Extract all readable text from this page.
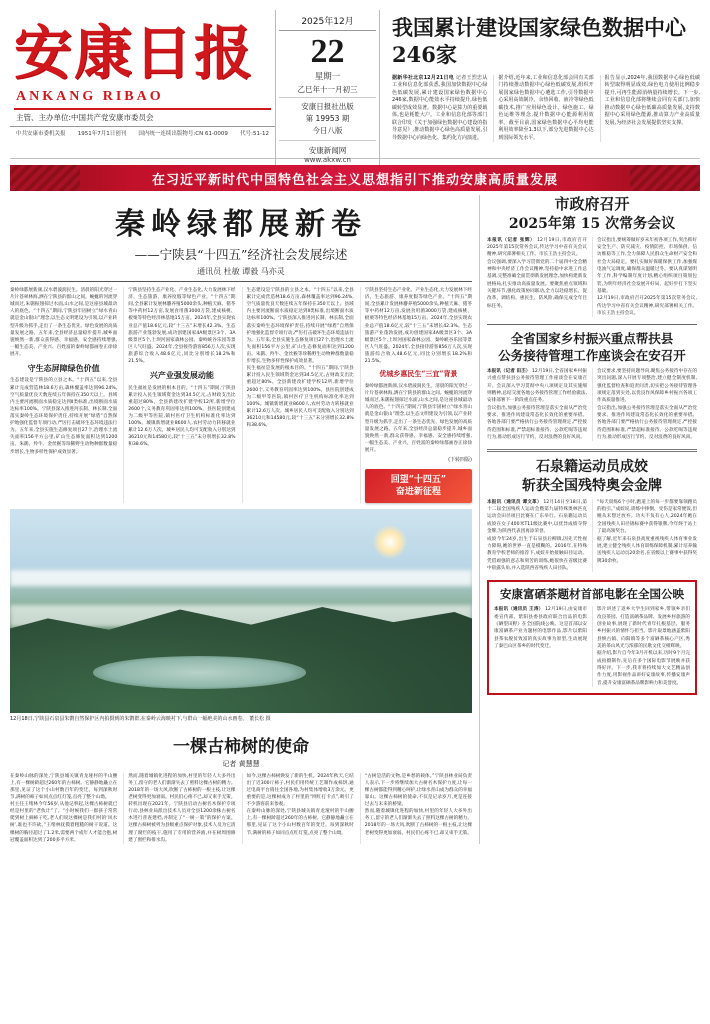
安康日报
ANKANG RIBAO
主管、主办单位:中国共产党安康市委员会
中共安康市委机关报 1951年7月1日创刊 国内统一连续出版物号:CN 61-0009 代号:51-12
2025年12月
22
星期一
乙巳年十一月初三
安康日报社出版
第 19953 期
今日八版
安康新闻网
www.akxw.cn
我国累计建设国家绿色数据中心246家
据新华社北京12月21日电 记者王烈忠从工业和信息化部获悉,我国加快数据中心绿色低碳发展,累计建设国家绿色数据中心246家,数据中心能效水平持续提升,绿色低碳转型成效显著。数据中心是算力的重要载体,也是耗能大户。工业和信息化部等部门联合印发《关于加强绿色数据中心建设的指导意见》,推动数据中心绿色高质量发展,引导数据中心向绿色化、集约化方向演进。
据介绍,近年来,工业和信息化部会同有关部门持续推动数据中心绿色低碳发展,组织开展国家绿色数据中心遴选工作,引导数据中心采用高效制冷、余热回收、液冷等绿色低碳技术,推广应用绿色设计、绿色施工、绿色运维等理念,提升数据中心能源利用效率。截至目前,国家绿色数据中心平均电能利用效率降至1.3以下,部分先进数据中心达到国际领先水平。
报告显示,2024年,我国数据中心绿色低碳转型取得明显成效,绿色电力使用比例稳步提升,可再生能源消纳量持续增长。下一步,工业和信息化部将继续会同有关部门,加快推动数据中心绿色低碳高质量发展,支持数据中心采用绿色能源,推动算力产业高质量发展,为经济社会发展提供坚实支撑。
在习近平新时代中国特色社会主义思想指引下推动安康高质量发展
秦岭绿都展新卷
——宁陕县“十四五”经济社会发展综述
通讯员 杜敏 谭毅 马亦灵
秦岭绿都展新颜,汉水碧波润民生。清晨的阳光穿过一片片苍翠林海,洒在宁陕县的群山之间。蜿蜒的河流穿城而过,朱鹮振翅掠过水面,山水之间,是这座县城最动人的底色。“十四五”期间,宁陕县牢固树立“绿水青山就是金山银山”理念,以生态文明建设为引领,以产业转型升级为抓手,走出了一条生态优先、绿色发展的高质量发展之路。五年来,全县经济总量稳步提升,城乡面貌焕然一新,群众获得感、幸福感、安全感持续增强,一幅生态美、产业兴、百姓富的秦岭绿都画卷正徐徐展开。
守生态屏障绿色价值
生态建设是宁陕县的立县之本。“十四五”以来,全县累计完成营造林18.6万亩,森林覆盖率达到96.24%,空气质量优良天数连续五年保持在350天以上。县域内主要河流断面水质稳定达到Ⅱ类标准,出境断面水质达标率100%。宁陕县深入推进河长制、林长制,全面落实秦岭生态环境保护责任,持续开展“绿盾”自然保护地强化监督专项行动,严厉打击破坏生态环境违法行为。五年来,全县实施生态修复项目27个,治理水土流失面积156平方公里,矿山生态修复面积达到1200亩。朱鹮、羚牛、金丝猴等珍稀野生动物种群数量稳步增长,生物多样性保护成效显著。
宁陕县坚持生态产业化、产业生态化,大力发展林下经济、生态旅游、康养度假等绿色产业。“十四五”期间,全县累计发展林麝养殖5000余头,种植天麻、猪苓等中药材12万亩,发展食用菌3000万袋,建成核桃、板栗等特色经济林基地15万亩。2024年,全县实现农业总产值18.6亿元,较“十三五”末增长42.3%。生态旅游产业蓬勃发展,成功创建国家4A级景区3个、3A级景区5个,上坝河国家森林公园、秦岭峡谷乐园等景区人气旺盛。2024年,全县接待游客856万人次,实现旅游综合收入48.6亿元,同比分别增长18.2%和21.5%。
兴产业强发展动能
民生福祉是发展的根本目的。“十四五”期间,宁陕县累计投入民生领域资金达到34.5亿元,占财政支出比重超过80%。全县新建改扩建学校12所,新增学位2600个,义务教育巩固率达到100%。县医院创建成为二级甲等医院,镇村医疗卫生机构标准化率达到100%。城镇新增就业8600人,农村劳动力转移就业累计12.6万人次。城乡居民人均可支配收入分别达到36210元和14580元,较“十三五”末分别增长32.8%和38.6%。
生态建设是宁陕县的立县之本。“十四五”以来,全县累计完成营造林18.6万亩,森林覆盖率达到96.24%,空气质量优良天数连续五年保持在350天以上。县域内主要河流断面水质稳定达到Ⅱ类标准,出境断面水质达标率100%。宁陕县深入推进河长制、林长制,全面落实秦岭生态环境保护责任,持续开展“绿盾”自然保护地强化监督专项行动,严厉打击破坏生态环境违法行为。五年来,全县实施生态修复项目27个,治理水土流失面积156平方公里,矿山生态修复面积达到1200亩。朱鹮、羚牛、金丝猴等珍稀野生动物种群数量稳步增长,生物多样性保护成效显著。
民生福祉是发展的根本目的。“十四五”期间,宁陕县累计投入民生领域资金达到34.5亿元,占财政支出比重超过80%。全县新建改扩建学校12所,新增学位2600个,义务教育巩固率达到100%。县医院创建成为二级甲等医院,镇村医疗卫生机构标准化率达到100%。城镇新增就业8600人,农村劳动力转移就业累计12.6万人次。城乡居民人均可支配收入分别达到36210元和14580元,较“十三五”末分别增长32.8%和38.6%。
宁陕县坚持生态产业化、产业生态化,大力发展林下经济、生态旅游、康养度假等绿色产业。“十四五”期间,全县累计发展林麝养殖5000余头,种植天麻、猪苓等中药材12万亩,发展食用菌3000万袋,建成核桃、板栗等特色经济林基地15万亩。2024年,全县实现农业总产值18.6亿元,较“十三五”末增长42.3%。生态旅游产业蓬勃发展,成功创建国家4A级景区3个、3A级景区5个,上坝河国家森林公园、秦岭峡谷乐园等景区人气旺盛。2024年,全县接待游客856万人次,实现旅游综合收入48.6亿元,同比分别增长18.2%和21.5%。
优城乡惠民生“三宜”背景
秦岭绿都展新颜,汉水碧波润民生。清晨的阳光穿过一片片苍翠林海,洒在宁陕县的群山之间。蜿蜒的河流穿城而过,朱鹮振翅掠过水面,山水之间,是这座县城最动人的底色。“十四五”期间,宁陕县牢固树立“绿水青山就是金山银山”理念,以生态文明建设为引领,以产业转型升级为抓手,走出了一条生态优先、绿色发展的高质量发展之路。五年来,全县经济总量稳步提升,城乡面貌焕然一新,群众获得感、幸福感、安全感持续增强,一幅生态美、产业兴、百姓富的秦岭绿都画卷正徐徐展开。
(下转四版)
回望“十四五”
奋进新征程
12月18日,宁陕县石泉县朱鹮自然保护区内拍摄到的朱鹮群,在秦岭云海映衬下,与群山一幅绝美的山水画卷。 董长松 摄
一棵古柿树的使命
记者 黄慧慧
在秦岭山脉的深处,宁陕县城关镇青龙垭村的半山腰上,有一棵树龄超过260年的古柿树。它静静地矗立在那里,见证了这个小山村数百年的变迁。每到深秋时节,满树的柿子如同点点红灯笼,点亮了整个山坳。
村主任王绪林今年56岁,从他记事起,这棵古柿树就已经是村里的“老伙计”了。“小时候我们一群孩子常常爬到树上摘柿子吃,老人们说这棵树是我们村的‘风水树’,谁也不许砍。”王绪林抚摸着粗糙的树干说道。这棵树的胸径超过了1.2米,需要两个成年人才能合抱,树冠覆盖面积达到了200多平方米。
然而,随着城镇化进程的加快,村里的年轻人大多外出务工,留守的老人们渐渐失去了照料这棵古树的精力。2018年的一场大风,吹断了古柿树的一根主枝,让这棵老树变得更加衰弱。村民们心疼不已,却又束手无策。
转机出现在2021年。宁陕县启动古树名木保护专项行动,县林业局派出技术人员对全县1200余株古树名木进行普查建档,并制定了“一树一策”的保护方案。这棵古柿树被列为县级重点保护对象,技术人员为它清理了腐烂的枝干,施用了专用的营养液,并在树周围修建了围栏和排水沟。
如今,这棵古柿树焕发了新的生机。2024年秋天,它结出了近300斤柿子,村民们用传统工艺制作成柿饼,通过电商平台销往全国各地,为村集体增收3万余元。更重要的是,这棵树成为了村里的“网红打卡点”,吸引了不少游客前来参观。
在秦岭山脉的深处,宁陕县城关镇青龙垭村的半山腰上,有一棵树龄超过260年的古柿树。它静静地矗立在那里,见证了这个小山村数百年的变迁。每到深秋时节,满树的柿子如同点点红灯笼,点亮了整个山坳。
“古树是活的文物,是乡愁的载体。”宁陕县林业局负责人表示,下一步将继续加大古树名木保护力度,让每一棵古树都能得到精心呵护,让绿水青山成为群众的幸福靠山。这棵古柿树的使命,不仅是记录岁月,更是连接过去与未来的桥梁。
然而,随着城镇化进程的加快,村里的年轻人大多外出务工,留守的老人们渐渐失去了照料这棵古树的精力。2018年的一场大风,吹断了古柿树的一根主枝,让这棵老树变得更加衰弱。村民们心疼不已,却又束手无策。
市政府召开
2025年第 15 次常务会议
本报讯（记者 张辉） 12月19日,市政府召开2025年第15次常务会议,传达学习中省有关会议精神,研究部署相关工作。市长王浩主持会议。
会议强调,要深入学习贯彻党的二十届四中全会精神和中央经济工作会议精神,坚持稳中求进工作总基调,完整准确全面贯彻新发展理念,加快构建新发展格局,扎实推动高质量发展。要聚焦重点领域和关键环节,强化政策协同联动,全力以赴稳增长、促改革、调结构、惠民生、防风险,确保完成全年目标任务。
会议指出,要统筹做好岁末年初各项工作,突出抓好安全生产、防灾减灾、疫情防控、市场保供、信访维稳等工作,全力保障人民群众生命财产安全和社会大局稳定。要扎实做好保暖保供工作,加强煤电油气运调度,确保群众温暖过冬。要认真谋划明年工作,科学编制年度计划,精心组织项目策划包装,为明年经济社会发展开好局、起好步打下坚实基础。
12月19日,市政府召开2025年第15次常务会议,传达学习中省有关会议精神,研究部署相关工作。市长王浩主持会议。
全省国家乡村振兴重点帮扶县
公务接待管理工作座谈会在安召开
本报讯（记者 田丕） 12月19日,全省国家乡村振兴重点帮扶县公务接待管理工作座谈会在安康召开。会议深入学习贯彻中央八项规定及其实施细则精神,总结交流各地公务接待管理工作经验做法,安排部署下一阶段重点任务。
会议指出,加强公务接待管理是落实全面从严治党要求、推进作风建设常态化长效化的重要举措。各地各部门要严格执行公务接待管理规定,严控接待范围和标准,严禁超标准接待、公款吃喝等违规行为,推动形成厉行节约、反对浪费的良好风尚。
会议要求,要坚持问题导向,聚焦公务接待中存在的突出问题,深入开展专项整治,建立健全制度机制,强化监督检查和追责问责,切实把公务接待管理各项规定落到实处,以优良作风保障乡村振兴各项工作高质量推进。
会议指出,加强公务接待管理是落实全面从严治党要求、推进作风建设常态化长效化的重要举措。各地各部门要严格执行公务接待管理规定,严控接待范围和标准,严禁超标准接待、公款吃喝等违规行为,推动形成厉行节约、反对浪费的良好风尚。
石泉籍运动员成姣
斩获全国残特奥会金牌
本报讯（通讯员 谭文革） 12月14日至18日,第十二届全国残疾人运动会暨第九届特殊奥林匹克运动会田径项目比赛在广东举行。石泉籍运动员成姣在女子400米T11级比赛中,以优异成绩夺得金牌,为陕西代表团再添荣誉。
成姣今年24岁,出生于石泉县后柳镇,因先天性视力障碍,她的世界一直是模糊的。2016年,在特殊教育学校老师的推荐下,成姣开始接触田径运动。凭借顽强的意志和刻苦的训练,她很快在省级比赛中崭露头角,并入选陕西省残疾人田径队。
“每天训练6个小时,跑道上的每一步都要靠领跑员的指引。”成姣说,训练中摔倒、受伤是家常便饭,但她从未想过放弃。功夫不负有心人,2024年她在全国残疾人田径锦标赛中获得银牌,今年终于站上了最高领奖台。
据了解,近年来石泉县高度重视残疾人体育事业发展,建立健全残疾人体育训练保障机制,累计培养输送残疾人运动员20余名,在省级以上赛事中获得奖牌30余枚。
安康富硒茶题材首部电影在全国公映
本报讯（通讯员 王涛） 12月19日,由安康市委宣传部、紫阳县委县政府联合出品的电影《硒望田野》在全国院线公映。这是首部以安康富硒茶产业为题材的电影作品,影片以紫阳县茶农脱贫致富的真实故事为原型,生动展现了秦巴山区茶乡的时代变迁。
影片讲述了返乡大学生回到家乡,带领乡亲们改良茶园、打造富硒茶品牌、发展乡村旅游的创业故事,展现了新时代青年扎根基层、服务乡村振兴的情怀与担当。影片取景地涵盖紫阳县焕古镇、向阳镇等多个富硒茶核心产区,秀美的茶山风光与浓郁的民歌文化交相辉映。
据介绍,影片自今年3月开机以来,历时9个月完成拍摄制作,先后在多个国际电影节展映并获得好评。下一步,我市将持续加大文艺精品创作力度,用影视作品讲好安康故事,传播安康声音,提升安康富硒茶品牌影响力和美誉度。
